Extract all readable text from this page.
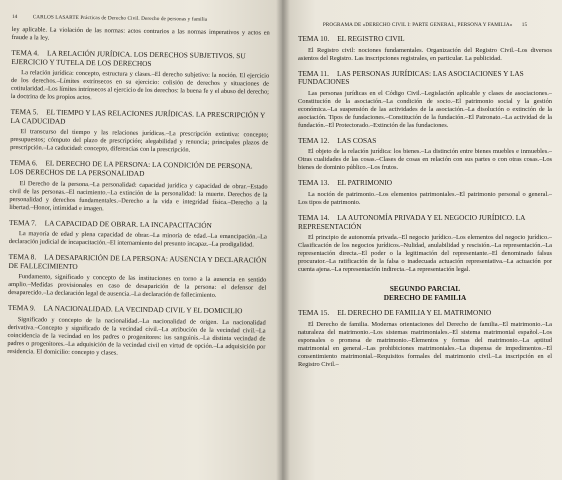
14	CARLOS LASARTE Prácticas de Derecho Civil. Derecho de personas y familia

ley aplicable. La violación de las normas: actos contrarios a las normas imperativos y actos en fraude a la ley.

TEMA 4. LA RELACIÓN JURÍDICA. LOS DERECHOS SUBJETIVOS. SU EJERCICIO Y TUTELA DE LOS DERECHOS

La relación jurídica: concepto, estructura y clases.–El derecho subjetivo: la noción. El ejercicio de los derechos.–Límites extrínsecos en su ejercicio: colisión de derechos y situaciones de cotitularidad.–Los límites intrínsecos al ejercicio de los derechos: la buena fe y el abuso del derecho; la doctrina de los propios actos.

TEMA 5. EL TIEMPO Y LAS RELACIONES JURÍDICAS. LA PRESCRIPCIÓN Y LA CADUCIDAD

El transcurso del tiempo y las relaciones jurídicas.–La prescripción extintiva: concepto; presupuestos; cómputo del plazo de prescripción; alegabilidad y renuncia; principales plazos de prescripción.–La caducidad: concepto, diferencias con la prescripción.

TEMA 6. EL DERECHO DE LA PERSONA: LA CONDICIÓN DE PERSONA. LOS DERECHOS DE LA PERSONALIDAD

El Derecho de la persona.–La personalidad: capacidad jurídica y capacidad de obrar.–Estado civil de las personas.–El nacimiento.–La extinción de la personalidad: la muerte. Derechos de la personalidad y derechos fundamentales.–Derecho a la vida e integridad física.–Derecho a la libertad.–Honor, intimidad e imagen.

TEMA 7. LA CAPACIDAD DE OBRAR. LA INCAPACITACIÓN

La mayoría de edad y plena capacidad de obrar.–La minoría de edad.–La emancipación.–La declaración judicial de incapacitación.–El internamiento del presunto incapaz.–La prodigalidad.

TEMA 8. LA DESAPARICIÓN DE LA PERSONA: AUSENCIA Y DECLARACIÓN DE FALLECIMIENTO

Fundamento, significado y concepto de las instituciones en torno a la ausencia en sentido amplio.–Medidas provisionales en caso de desaparición de la persona: el defensor del desaparecido.–La declaración legal de ausencia.–La declaración de fallecimiento.

TEMA 9. LA NACIONALIDAD. LA VECINDAD CIVIL Y EL DOMICILIO

Significado y concepto de la nacionalidad.–La nacionalidad de origen. La nacionalidad derivativa.–Concepto y significado de la vecindad civil.–La atribución de la vecindad civil.–La coincidencia de la vecindad en los padres o progenitores: ius sanguinis.–La distinta vecindad de padres o progenitores.–La adquisición de la vecindad civil en virtud de opción.–La adquisición por residencia. El domicilio: concepto y clases.

PROGRAMA DE «DERECHO CIVIL I: PARTE GENERAL, PERSONA Y FAMILIA» 15
TEMA 10. EL REGISTRO CIVIL

El Registro civil: nociones fundamentales. Organización del Registro Civil.–Los diversos asientos del Registro. Las inscripciones registrales, en particular. La publicidad.

TEMA 11. LAS PERSONAS JURÍDICAS: LAS ASOCIACIONES Y LAS FUNDACIONES

Las personas jurídicas en el Código Civil.–Legislación aplicable y clases de asociaciones.–Constitución de la asociación.–La condición de socio.–El patrimonio social y la gestión económica.–La suspensión de las actividades de la asociación.–La disolución o extinción de la asociación. Tipos de fundaciones.–Constitución de la fundación.–El Patronato.–La actividad de la fundación.–El Protectorado.–Extinción de las fundaciones.

TEMA 12. LAS COSAS

El objeto de la relación jurídica: los bienes.–La distinción entre bienes muebles e inmuebles.–Otras cualidades de las cosas.–Clases de cosas en relación con sus partes o con otras cosas.–Los bienes de dominio público.–Los frutos.

TEMA 13. EL PATRIMONIO

La noción de patrimonio.–Los elementos patrimoniales.–El patrimonio personal o general.–Los tipos de patrimonio.

TEMA 14. LA AUTONOMÍA PRIVADA Y EL NEGOCIO JURÍDICO. LA REPRESENTACIÓN

El principio de autonomía privada.–El negocio jurídico.–Los elementos del negocio jurídico.–Clasificación de los negocios jurídicos.–Nulidad, anulabilidad y rescisión.–La representación.–La representación directa.–El poder o la legitimación del representante.–El denominado falsus procurator.–La ratificación de la falsa o inadecuada actuación representativa.–La actuación por cuenta ajena.–La representación indirecta.–La representación legal.

SEGUNDO PARCIAL
DERECHO DE FAMILIA
TEMA 15. EL DERECHO DE FAMILIA Y EL MATRIMONIO

El Derecho de familia. Modernas orientaciones del Derecho de familia.–El matrimonio.–La naturaleza del matrimonio.–Los sistemas matrimoniales.–El sistema matrimonial español.–Los esponsales o promesa de matrimonio.–Elementos y formas del matrimonio.–La aptitud matrimonial en general.–Las prohibiciones matrimoniales.–La dispensa de impedimentos.–El consentimiento matrimonial.–Requisitos formales del matrimonio civil.–La inscripción en el Registro Civil.–
